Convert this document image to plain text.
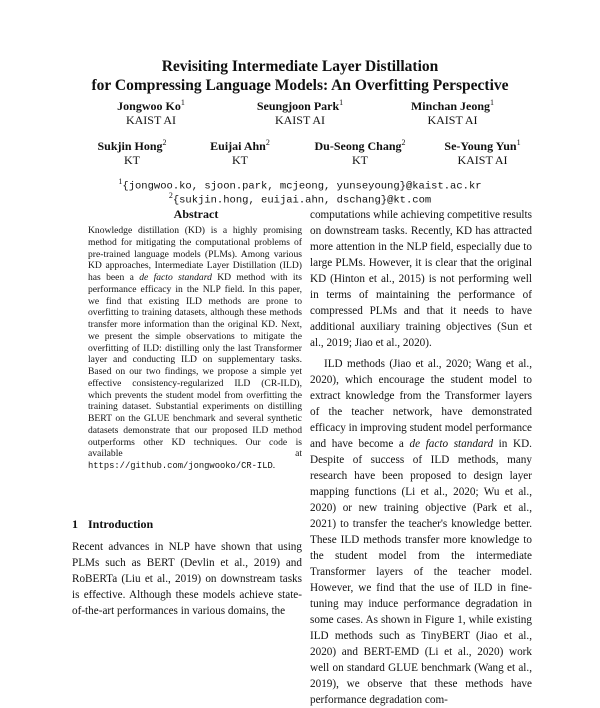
Revisiting Intermediate Layer Distillation
for Compressing Language Models: An Overfitting Perspective
Jongwoo Ko$^1$
KAIST AI
Seungjoon Park$^1$
KAIST AI
Minchan Jeong$^1$
KAIST AI
Sukjin Hong$^2$
KT
Euijai Ahn$^2$
KT
Du-Seong Chang$^2$
KT
Se-Young Yun$^1$
KAIST AI
$^1${jongwoo.ko, sjoon.park, mcjeong, yunseyoung}@kaist.ac.kr
$^2${sukjin.hong, euijai.ahn, dschang}@kt.com
Abstract
Knowledge distillation (KD) is a highly promising method for mitigating the computational problems of pre-trained language models (PLMs). Among various KD approaches, Intermediate Layer Distillation (ILD) has been a de facto standard KD method with its performance efficacy in the NLP field. In this paper, we find that existing ILD methods are prone to overfitting to training datasets, although these methods transfer more information than the original KD. Next, we present the simple observations to mitigate the overfitting of ILD: distilling only the last Transformer layer and conducting ILD on supplementary tasks. Based on our two findings, we propose a simple yet effective consistency-regularized ILD (CR-ILD), which prevents the student model from overfitting the training dataset. Substantial experiments on distilling BERT on the GLUE benchmark and several synthetic datasets demonstrate that our proposed ILD method outperforms other KD techniques. Our code is available at https://github.com/jongwooko/CR-ILD.
1 Introduction
Recent advances in NLP have shown that using PLMs such as BERT (Devlin et al., 2019) and RoBERTa (Liu et al., 2019) on downstream tasks is effective. Although these models achieve state-of-the-art performances in various domains, the

computations while achieving competitive results on downstream tasks. Recently, KD has attracted more attention in the NLP field, especially due to large PLMs. However, it is clear that the original KD (Hinton et al., 2015) is not performing well in terms of maintaining the performance of compressed PLMs and that it needs to have additional auxiliary training objectives (Sun et al., 2019; Jiao et al., 2020).

ILD methods (Jiao et al., 2020; Wang et al., 2020), which encourage the student model to extract knowledge from the Transformer layers of the teacher network, have demonstrated efficacy in improving student model performance and have become a de facto standard in KD. Despite of success of ILD methods, many research have been proposed to design layer mapping functions (Li et al., 2020; Wu et al., 2020) or new training objective (Park et al., 2021) to transfer the teacher's knowledge better. These ILD methods transfer more knowledge to the student model from the intermediate Transformer layers of the teacher model. However, we find that the use of ILD in fine-tuning may induce performance degradation in some cases. As shown in Figure 1, while existing ILD methods such as TinyBERT (Jiao et al., 2020) and BERT-EMD (Li et al., 2020) work well on standard GLUE benchmark (Wang et al., 2019), we observe that these methods have performance degradation com-
